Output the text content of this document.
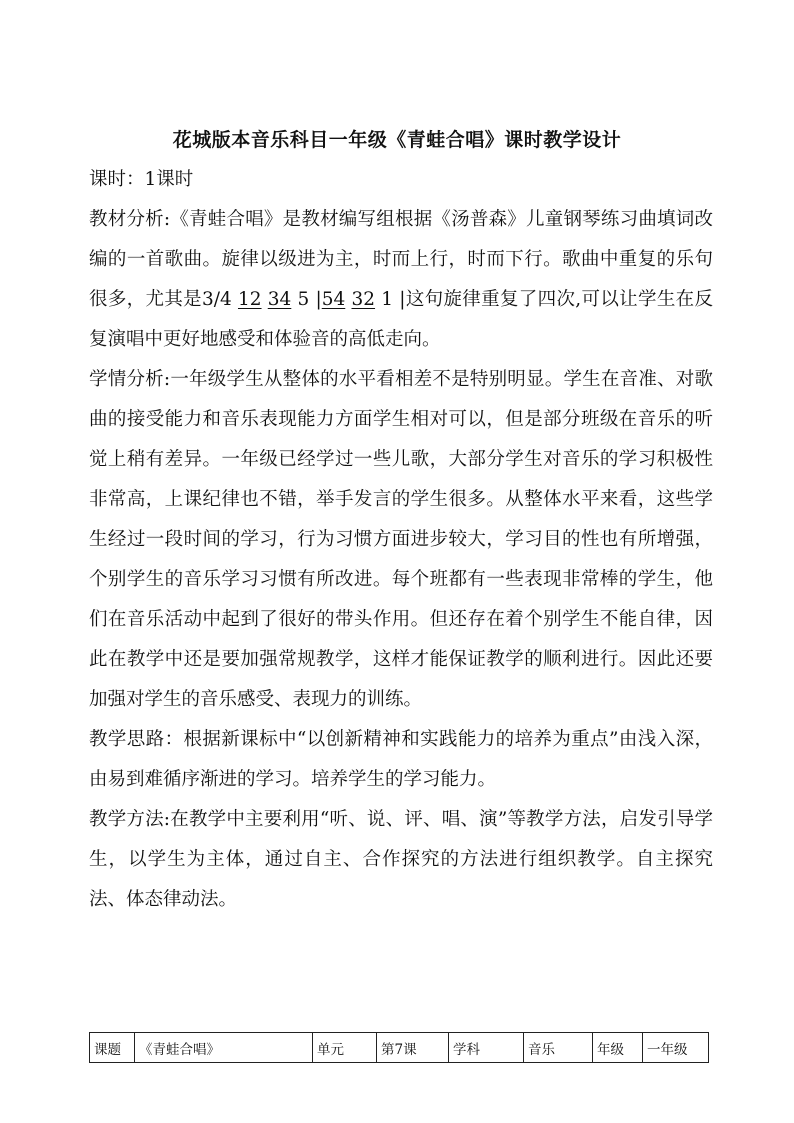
花城版本音乐科目一年级《青蛙合唱》课时教学设计

课时：1课时

教材分析:《青蛙合唱》是教材编写组根据《汤普森》儿童钢琴练习曲填词改编的一首歌曲。旋律以级进为主，时而上行，时而下行。歌曲中重复的乐句很多，尤其是3/4 12 34 5 |54 32 1 |这句旋律重复了四次,可以让学生在反复演唱中更好地感受和体验音的高低走向。

学情分析:一年级学生从整体的水平看相差不是特别明显。学生在音准、对歌曲的接受能力和音乐表现能力方面学生相对可以，但是部分班级在音乐的听觉上稍有差异。一年级已经学过一些儿歌，大部分学生对音乐的学习积极性非常高，上课纪律也不错，举手发言的学生很多。从整体水平来看，这些学生经过一段时间的学习，行为习惯方面进步较大，学习目的性也有所增强，个别学生的音乐学习习惯有所改进。每个班都有一些表现非常棒的学生，他们在音乐活动中起到了很好的带头作用。但还存在着个别学生不能自律，因此在教学中还是要加强常规教学，这样才能保证教学的顺利进行。因此还要加强对学生的音乐感受、表现力的训练。

教学思路：根据新课标中“以创新精神和实践能力的培养为重点”由浅入深，由易到难循序渐进的学习。培养学生的学习能力。

教学方法:在教学中主要利用“听、说、评、唱、演”等教学方法，启发引导学生，以学生为主体，通过自主、合作探究的方法进行组织教学。自主探究法、体态律动法。

课题	《青蛙合唱》	单元	第7课	学科	音乐	年级	一年级
